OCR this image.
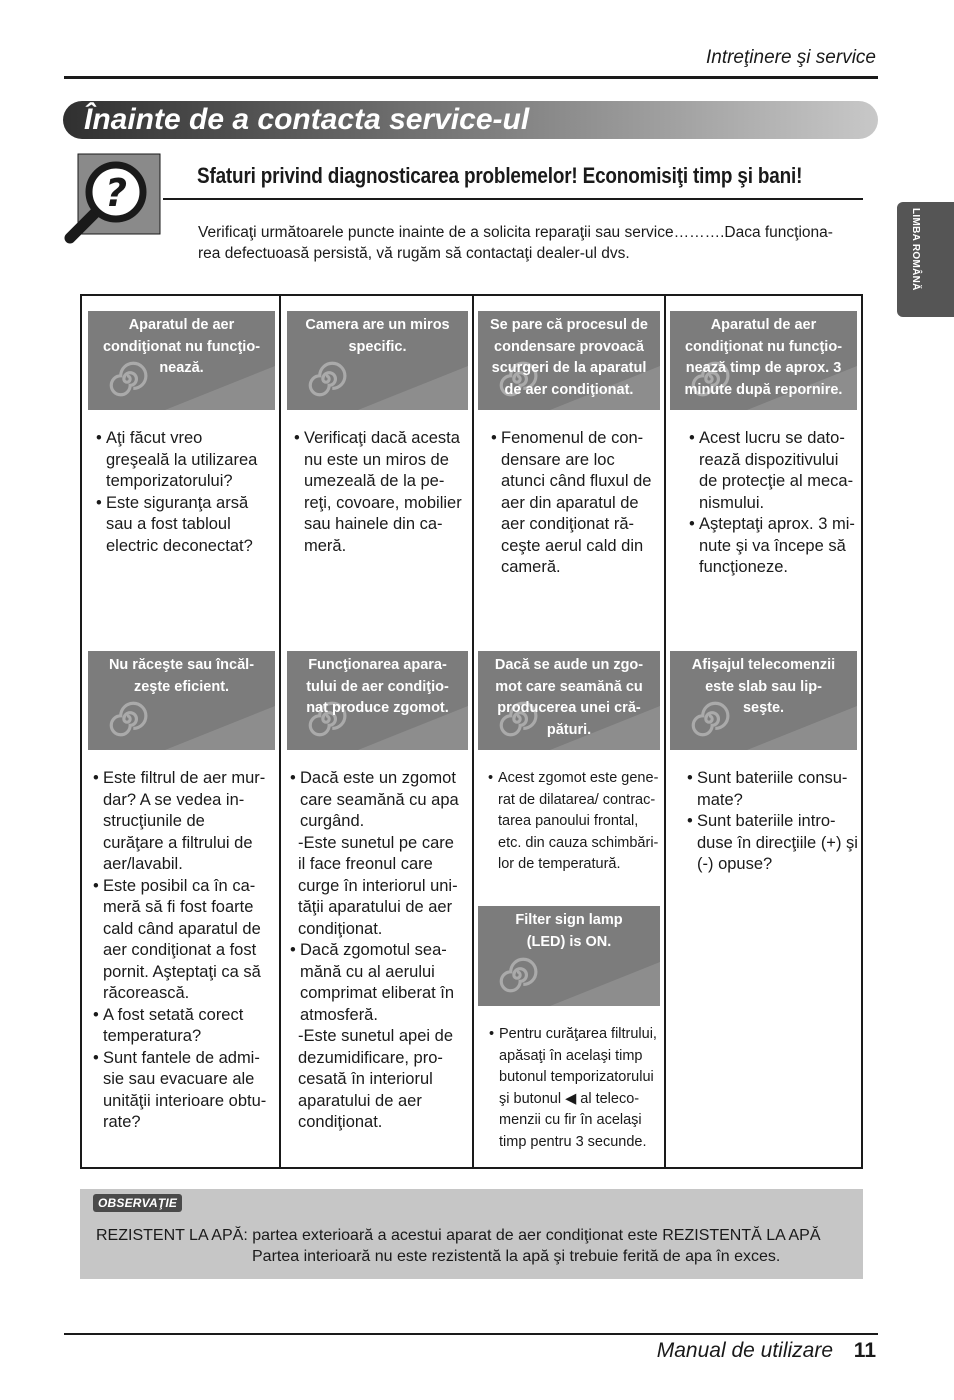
Intreţinere şi service
Înainte de a contacta service-ul
?	Sfaturi privind diagnosticarea problemelor! Economisiţi timp şi bani!
Verificaţi următoarele puncte inainte de a solicita reparaţii sau service……….Daca funcţiona-
rea defectuoasă persistă, vă rugăm să contactaţi dealer-ul dvs.	LIMBA ROMÂNĂ
Aparatul de aer
condiţionat nu funcţio-
nează.

• Aţi făcut vreo
greşeală la utilizarea
temporizatorului?
• Este siguranţa arsă
sau a fost tabloul
electric deconectat?
Camera are un miros
specific.

• Verificaţi dacă acesta
nu este un miros de
umezeală de la pe-
reţi, covoare, mobilier
sau hainele din ca-
meră.
Se pare că procesul de
condensare provoacă
scurgeri de la aparatul
de aer condiţionat.

• Fenomenul de con-
densare are loc
atunci când fluxul de
aer din aparatul de
aer condiţionat ră-
ceşte aerul cald din
cameră.
Aparatul de aer
condiţionat nu funcţio-
nează timp de aprox. 3
minute după repornire.

• Acest lucru se dato-
rează dispozitivului
de protecţie al meca-
nismului.
• Aşteptaţi aprox. 3 mi-
nute şi va începe să
funcţioneze.
Nu răceşte sau încăl-
zeşte eficient.

• Este filtrul de aer mur-
dar? A se vedea in-
strucţiunile de
curăţare a filtrului de
aer/lavabil.
• Este posibil ca în ca-
meră să fi fost foarte
cald când aparatul de
aer condiţionat a fost
pornit. Aşteptaţi ca să
răcorească.
• A fost setată corect
temperatura?
• Sunt fantele de admi-
sie sau evacuare ale
unităţii interioare obtu-
rate?
Funcţionarea apara-
tului de aer condiţio-
nat produce zgomot.

• Dacă este un zgomot
care seamănă cu apa
curgând.
-Este sunetul pe care
il face freonul care
curge în interiorul uni-
tăţii aparatului de aer
condiţionat.
• Dacă zgomotul sea-
mănă cu al aerului
comprimat eliberat în
atmosferă.
-Este sunetul apei de
dezumidificare, pro-
cesată în interiorul
aparatului de aer
condiţionat.
Dacă se aude un zgo-
mot care seamănă cu
producerea unei cră-
pături.

• Acest zgomot este gene-
rat de dilatarea/ contrac-
tarea panoului frontal,
etc. din cauza schimbări-
lor de temperatură.
Afişajul telecomenzii
este slab sau lip-
seşte.

• Sunt bateriile consu-
mate?
• Sunt bateriile intro-
duse în direcţiile (+) şi
(-) opuse?
Filter sign lamp
(LED) is ON.

• Pentru curăţarea filtrului,
apăsaţi în acelaşi timp
butonul temporizatorului
şi butonul ◀ al teleco-
menzii cu fir în acelaşi
timp pentru 3 secunde.
OBSERVAŢIE
REZISTENT LA APĂ: partea exterioară a acestui aparat de aer condiţionat este REZISTENTĂ LA APĂ
Partea interioară nu este rezistentă la apă şi trebuie ferită de apa în exces.
Manual de utilizare 11
